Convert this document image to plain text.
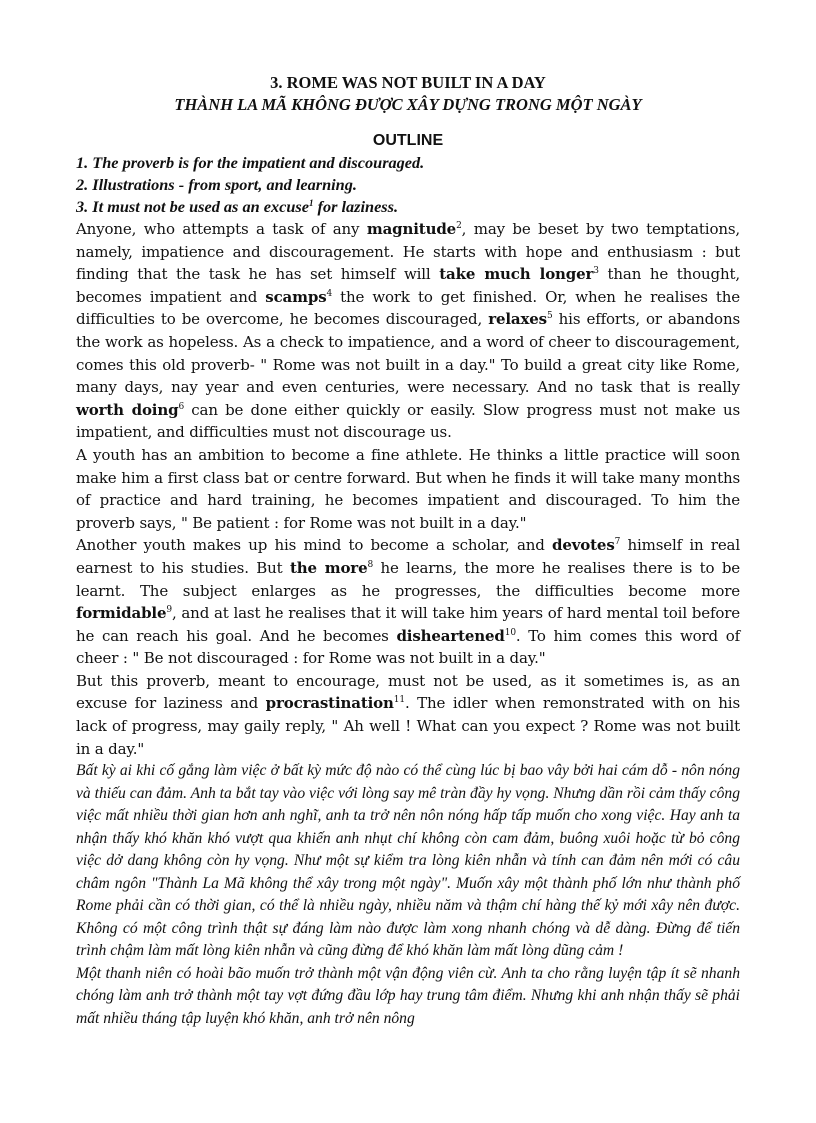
3. ROME WAS NOT BUILT IN A DAY
THÀNH LA MÃ KHÔNG ĐƯỢC XÂY DỰNG TRONG MỘT NGÀY
OUTLINE
1. The proverb is for the impatient and discouraged.
2. Illustrations - from sport, and learning.
3. It must not be used as an excuse$^1$ for laziness.

Anyone, who attempts a task of any magnitude$^2$, may be beset by two temptations, namely, impatience and discouragement. He starts with hope and enthusiasm : but finding that the task he has set himself will take much longer$^3$ than he thought, becomes impatient and scamps$^4$ the work to get finished. Or, when he realises the difficulties to be overcome, he becomes discouraged, relaxes$^5$ his efforts, or abandons the work as hopeless. As a check to impatience, and a word of cheer to discouragement, comes this old proverb- " Rome was not built in a day." To build a great city like Rome, many days, nay year and even centuries, were necessary. And no task that is really worth doing$^6$ can be done either quickly or easily. Slow progress must not make us impatient, and difficulties must not discourage us.

A youth has an ambition to become a fine athlete. He thinks a little practice will soon make him a first class bat or centre forward. But when he finds it will take many months of practice and hard training, he becomes impatient and discouraged. To him the proverb says, " Be patient : for Rome was not built in a day."

Another youth makes up his mind to become a scholar, and devotes$^7$ himself in real earnest to his studies. But the more$^8$ he learns, the more he realises there is to be learnt. The subject enlarges as he progresses, the difficulties become more formidable$^9$, and at last he realises that it will take him years of hard mental toil before he can reach his goal. And he becomes disheartened$^{10}$. To him comes this word of cheer : " Be not discouraged : for Rome was not built in a day."

But this proverb, meant to encourage, must not be used, as it sometimes is, as an excuse for laziness and procrastination$^{11}$. The idler when remonstrated with on his lack of progress, may gaily reply, " Ah well ! What can you expect ? Rome was not built in a day."

Bất kỳ ai khi cố gắng làm việc ở bất kỳ mức độ nào có thể cùng lúc bị bao vây bởi hai cám dỗ - nôn nóng và thiếu can đảm. Anh ta bắt tay vào việc với lòng say mê tràn đầy hy vọng. Nhưng dần rồi cảm thấy công việc mất nhiều thời gian hơn anh nghĩ, anh ta trở nên nôn nóng hấp tấp muốn cho xong việc. Hay anh ta nhận thấy khó khăn khó vượt qua khiến anh nhụt chí không còn cam đảm, buông xuôi hoặc từ bỏ công việc dở dang không còn hy vọng. Như một sự kiểm tra lòng kiên nhẫn và tính can đảm nên mới có câu châm ngôn "Thành La Mã không thể xây trong một ngày". Muốn xây một thành phố lớn như thành phố Rome phải cần có thời gian, có thể là nhiều ngày, nhiều năm và thậm chí hàng thế kỷ mới xây nên được. Không có một công trình thật sự đáng làm nào được làm xong nhanh chóng và dễ dàng. Đừng để tiến trình chậm làm mất lòng kiên nhẫn và cũng đừng để khó khăn làm mất lòng dũng cảm !

Một thanh niên có hoài bão muốn trở thành một vận động viên cừ. Anh ta cho rằng luyện tập ít sẽ nhanh chóng làm anh trở thành một tay vợt đứng đầu lớp hay trung tâm điểm. Nhưng khi anh nhận thấy sẽ phải mất nhiều tháng tập luyện khó khăn, anh trở nên nông
